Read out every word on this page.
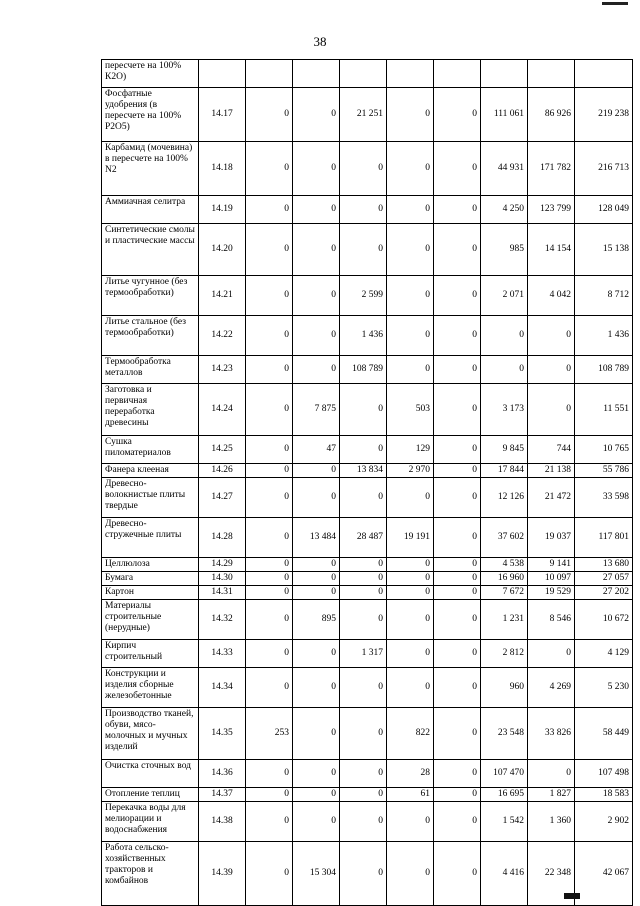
38
пересчете на 100% К2О)									
Фосфатные удобрения (в пересчете на 100% Р2О5)	14.17	0	0	21 251	0	0	111 061	86 926	219 238
Карбамид (мочевина) в пересчете на 100% N2	14.18	0	0	0	0	0	44 931	171 782	216 713
Аммиачная селитра	14.19	0	0	0	0	0	4 250	123 799	128 049
Синтетические смолы и пластические массы	14.20	0	0	0	0	0	985	14 154	15 138
Литье чугунное (без термообработки)	14.21	0	0	2 599	0	0	2 071	4 042	8 712
Литье стальное (без термообработки)	14.22	0	0	1 436	0	0	0	0	1 436
Термообработка металлов	14.23	0	0	108 789	0	0	0	0	108 789
Заготовка и первичная переработка древесины	14.24	0	7 875	0	503	0	3 173	0	11 551
Сушка пиломатериалов	14.25	0	47	0	129	0	9 845	744	10 765
Фанера клееная	14.26	0	0	13 834	2 970	0	17 844	21 138	55 786
Древесно-волокнистые плиты твердые	14.27	0	0	0	0	0	12 126	21 472	33 598
Древесно-стружечные плиты	14.28	0	13 484	28 487	19 191	0	37 602	19 037	117 801
Целлюлоза	14.29	0	0	0	0	0	4 538	9 141	13 680
Бумага	14.30	0	0	0	0	0	16 960	10 097	27 057
Картон	14.31	0	0	0	0	0	7 672	19 529	27 202
Материалы строительные (нерудные)	14.32	0	895	0	0	0	1 231	8 546	10 672
Кирпич строительный	14.33	0	0	1 317	0	0	2 812	0	4 129
Конструкции и изделия сборные железобетонные	14.34	0	0	0	0	0	960	4 269	5 230
Производство тканей, обуви, мясо-молочных и мучных изделий	14.35	253	0	0	822	0	23 548	33 826	58 449
Очистка сточных вод	14.36	0	0	0	28	0	107 470	0	107 498
Отопление теплиц	14.37	0	0	0	61	0	16 695	1 827	18 583
Перекачка воды для мелиорации и водоснабжения	14.38	0	0	0	0	0	1 542	1 360	2 902
Работа сельско-хозяйственных тракторов и комбайнов	14.39	0	15 304	0	0	0	4 416	22 348	42 067
